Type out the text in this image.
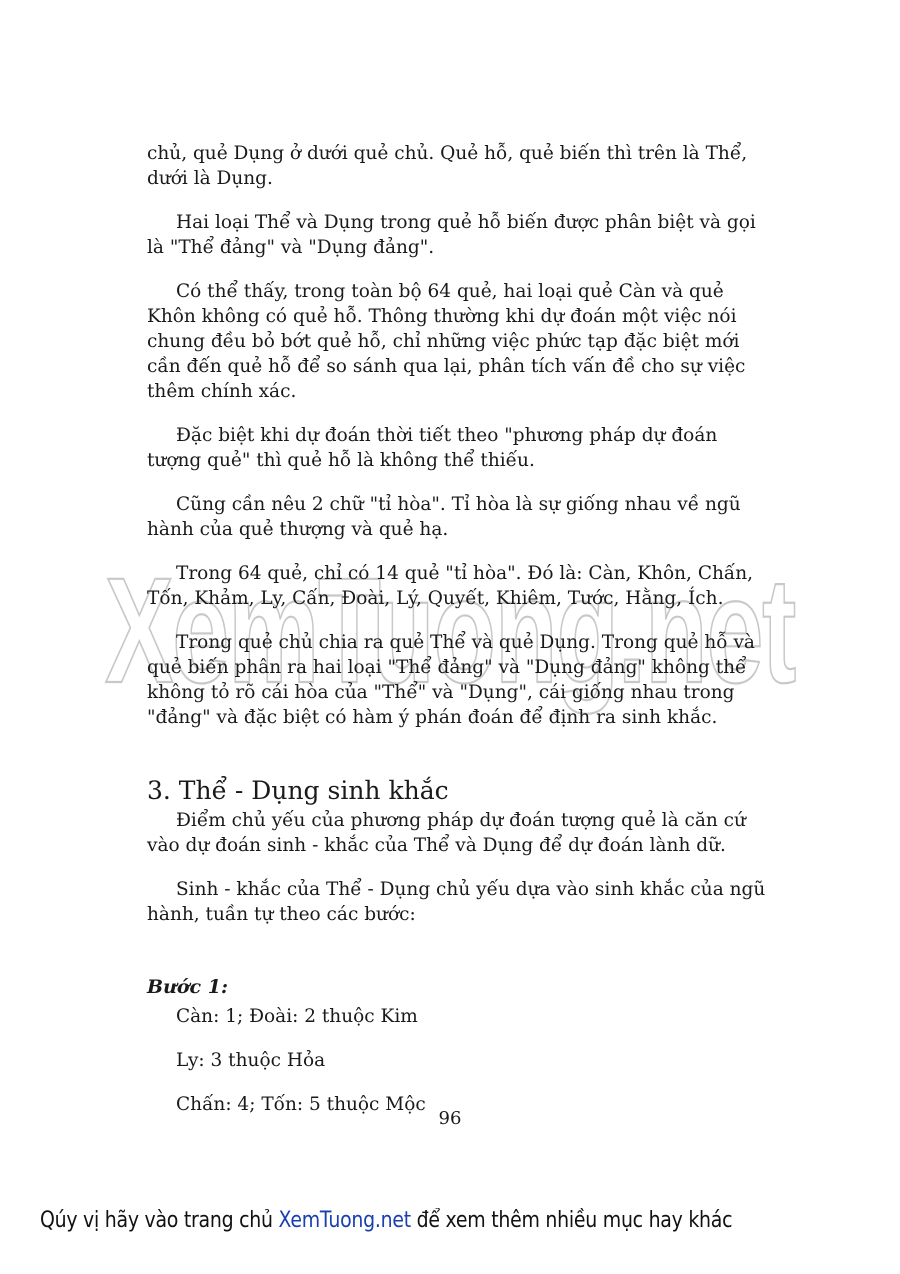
XemTuong.net

chủ, quẻ Dụng ở dưới quẻ chủ. Quẻ hỗ, quẻ biến thì trên là Thể, dưới là Dụng.

Hai loại Thể và Dụng trong quẻ hỗ biến được phân biệt và gọi là "Thể đảng" và "Dụng đảng".

Có thể thấy, trong toàn bộ 64 quẻ, hai loại quẻ Càn và quẻ Khôn không có quẻ hỗ. Thông thường khi dự đoán một việc nói chung đều bỏ bớt quẻ hỗ, chỉ những việc phức tạp đặc biệt mới cần đến quẻ hỗ để so sánh qua lại, phân tích vấn đề cho sự việc thêm chính xác.

Đặc biệt khi dự đoán thời tiết theo "phương pháp dự đoán tượng quẻ" thì quẻ hỗ là không thể thiếu.

Cũng cần nêu 2 chữ "tỉ hòa". Tỉ hòa là sự giống nhau về ngũ hành của quẻ thượng và quẻ hạ.

Trong 64 quẻ, chỉ có 14 quẻ "tỉ hòa". Đó là: Càn, Khôn, Chấn, Tốn, Khảm, Ly, Cấn, Đoài, Lý, Quyết, Khiêm, Tước, Hằng, Ích.

Trong quẻ chủ chia ra quẻ Thể và quẻ Dụng. Trong quẻ hỗ và quẻ biến phân ra hai loại "Thể đảng" và "Dụng đảng" không thể không tỏ rõ cái hòa của "Thể" và "Dụng", cái giống nhau trong "đảng" và đặc biệt có hàm ý phán đoán để định ra sinh khắc.

3. Thể - Dụng sinh khắc

Điểm chủ yếu của phương pháp dự đoán tượng quẻ là căn cứ vào dự đoán sinh - khắc của Thể và Dụng để dự đoán lành dữ.

Sinh - khắc của Thể - Dụng chủ yếu dựa vào sinh khắc của ngũ hành, tuần tự theo các bước:

Bước 1:
Càn: 1; Đoài: 2 thuộc Kim
Ly: 3 thuộc Hỏa
Chấn: 4; Tốn: 5 thuộc Mộc
96
Qúy vị hãy vào trang chủ XemTuong.net để xem thêm nhiều mục hay khác
